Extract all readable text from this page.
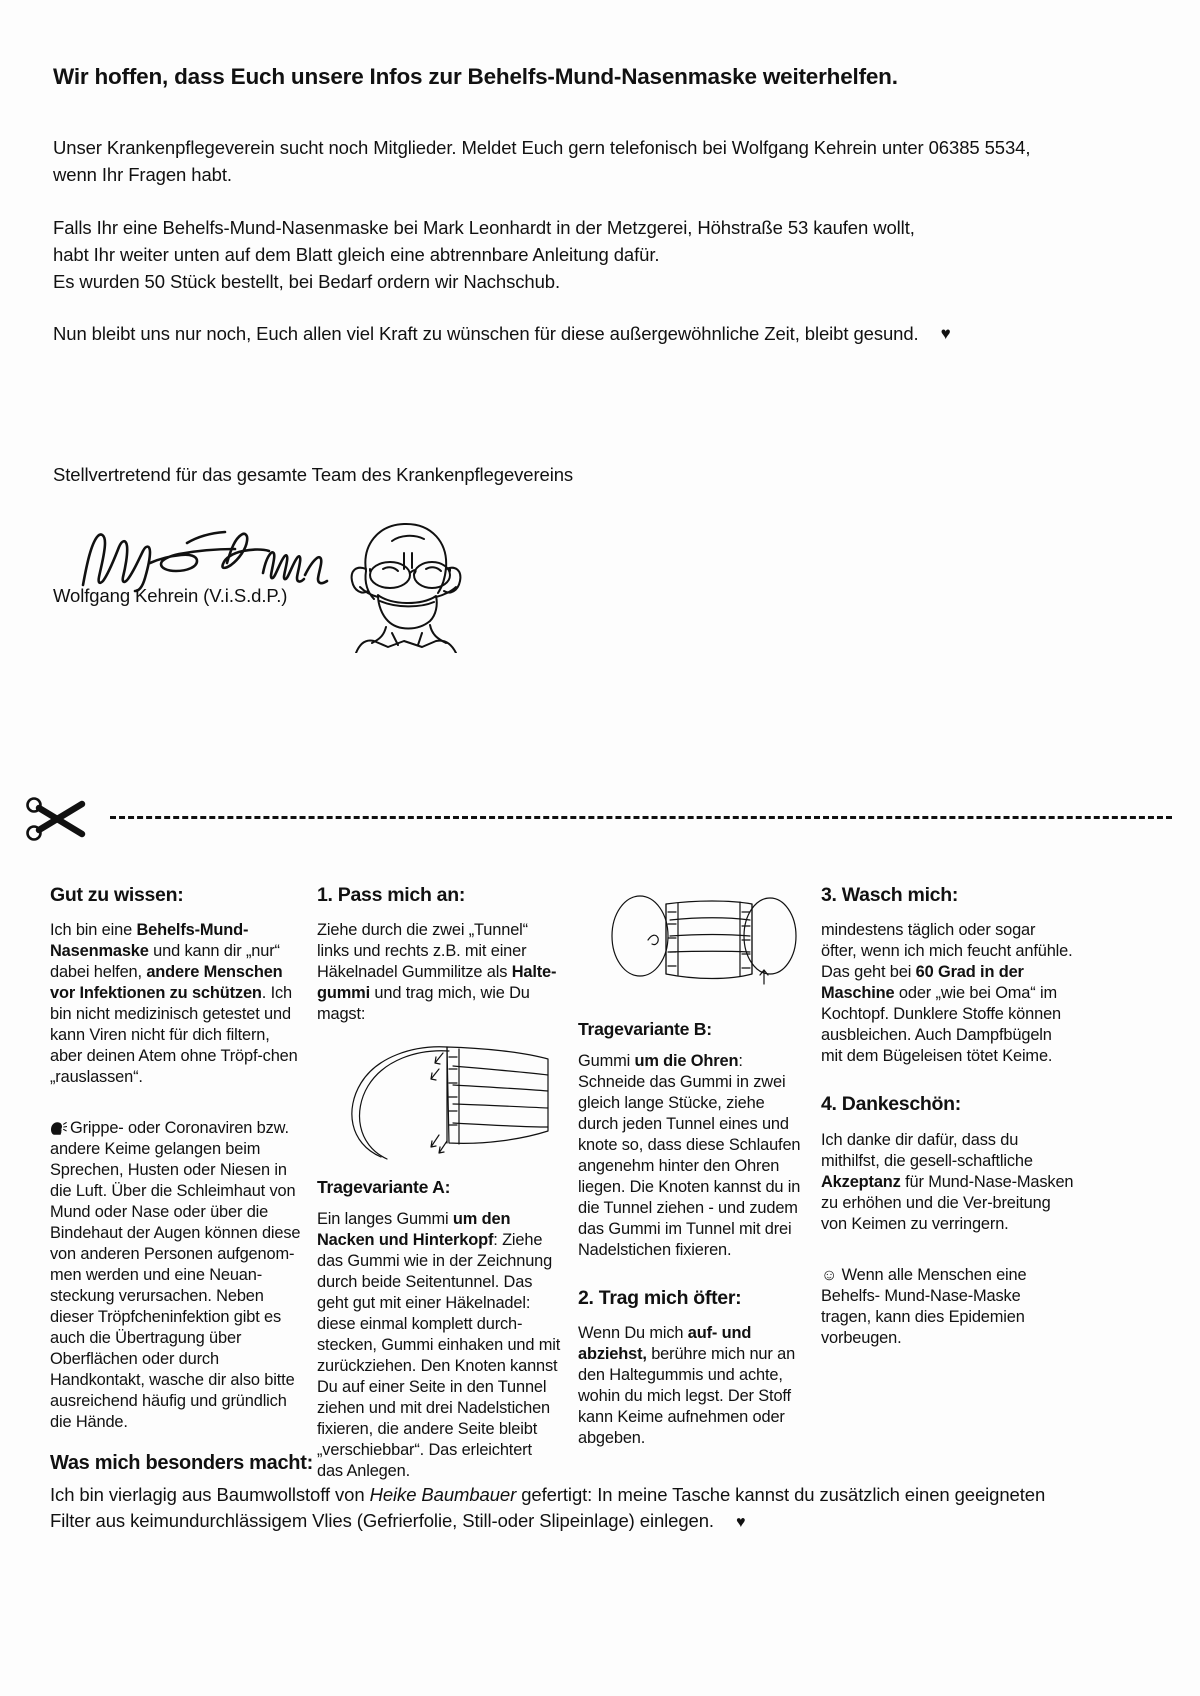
Wir hoffen, dass Euch unsere Infos zur Behelfs-Mund-Nasenmaske weiterhelfen.

Unser Krankenpflegeverein sucht noch Mitglieder. Meldet Euch gern telefonisch bei Wolfgang Kehrein unter 06385 5534, wenn Ihr Fragen habt.

Falls Ihr eine Behelfs-Mund-Nasenmaske bei Mark Leonhardt in der Metzgerei, Höhstraße 53 kaufen wollt,
habt Ihr weiter unten auf dem Blatt gleich eine abtrennbare Anleitung dafür.
Es wurden 50 Stück bestellt, bei Bedarf ordern wir Nachschub.

Nun bleibt uns nur noch, Euch allen viel Kraft zu wünschen für diese außergewöhnliche Zeit, bleibt gesund. ♥

Stellvertretend für das gesamte Team des Krankenpflegevereins

Wolfgang Kehrein (V.i.S.d.P.)
Gut zu wissen:

Ich bin eine Behelfs-Mund-Nasenmaske und kann dir „nur“ dabei helfen, andere Menschen vor Infektionen zu schützen. Ich bin nicht medizinisch getestet und kann Viren nicht für dich filtern, aber deinen Atem ohne Tröpf-chen „rauslassen“.

Grippe- oder Coronaviren bzw. andere Keime gelangen beim Sprechen, Husten oder Niesen in die Luft. Über die Schleimhaut von Mund oder Nase oder über die Bindehaut der Augen können diese von anderen Personen aufgenom-men werden und eine Neuan-steckung verursachen. Neben dieser Tröpfcheninfektion gibt es auch die Übertragung über Oberflächen oder durch Handkontakt, wasche dir also bitte ausreichend häufig und gründlich die Hände.

1. Pass mich an:

Ziehe durch die zwei „Tunnel“ links und rechts z.B. mit einer Häkelnadel Gummilitze als Halte-gummi und trag mich, wie Du magst:

Tragevariante A:

Ein langes Gummi um den Nacken und Hinterkopf: Ziehe das Gummi wie in der Zeichnung durch beide Seitentunnel. Das geht gut mit einer Häkelnadel: diese einmal komplett durch-stecken, Gummi einhaken und mit zurückziehen. Den Knoten kannst Du auf einer Seite in den Tunnel ziehen und mit drei Nadelstichen fixieren, die andere Seite bleibt „verschiebbar“. Das erleichtert das Anlegen.

Tragevariante B:

Gummi um die Ohren: Schneide das Gummi in zwei gleich lange Stücke, ziehe durch jeden Tunnel eines und knote so, dass diese Schlaufen angenehm hinter den Ohren liegen. Die Knoten kannst du in die Tunnel ziehen - und zudem das Gummi im Tunnel mit drei Nadelstichen fixieren.

2. Trag mich öfter:

Wenn Du mich auf- und abziehst, berühre mich nur an den Haltegummis und achte, wohin du mich legst. Der Stoff kann Keime aufnehmen oder abgeben.

3. Wasch mich:

mindestens täglich oder sogar öfter, wenn ich mich feucht anfühle. Das geht bei 60 Grad in der Maschine oder „wie bei Oma“ im Kochtopf. Dunklere Stoffe können ausbleichen. Auch Dampfbügeln mit dem Bügeleisen tötet Keime.

4. Dankeschön:

Ich danke dir dafür, dass du mithilfst, die gesell-schaftliche Akzeptanz für Mund-Nase-Masken zu erhöhen und die Ver-breitung von Keimen zu verringern.

☺ Wenn alle Menschen eine Behelfs- Mund-Nase-Maske tragen, kann dies Epidemien vorbeugen.

Was mich besonders macht:

Ich bin vierlagig aus Baumwollstoff von Heike Baumbauer gefertigt: In meine Tasche kannst du zusätzlich einen geeigneten Filter aus keimundurchlässigem Vlies (Gefrierfolie, Still-oder Slipeinlage) einlegen. ♥
